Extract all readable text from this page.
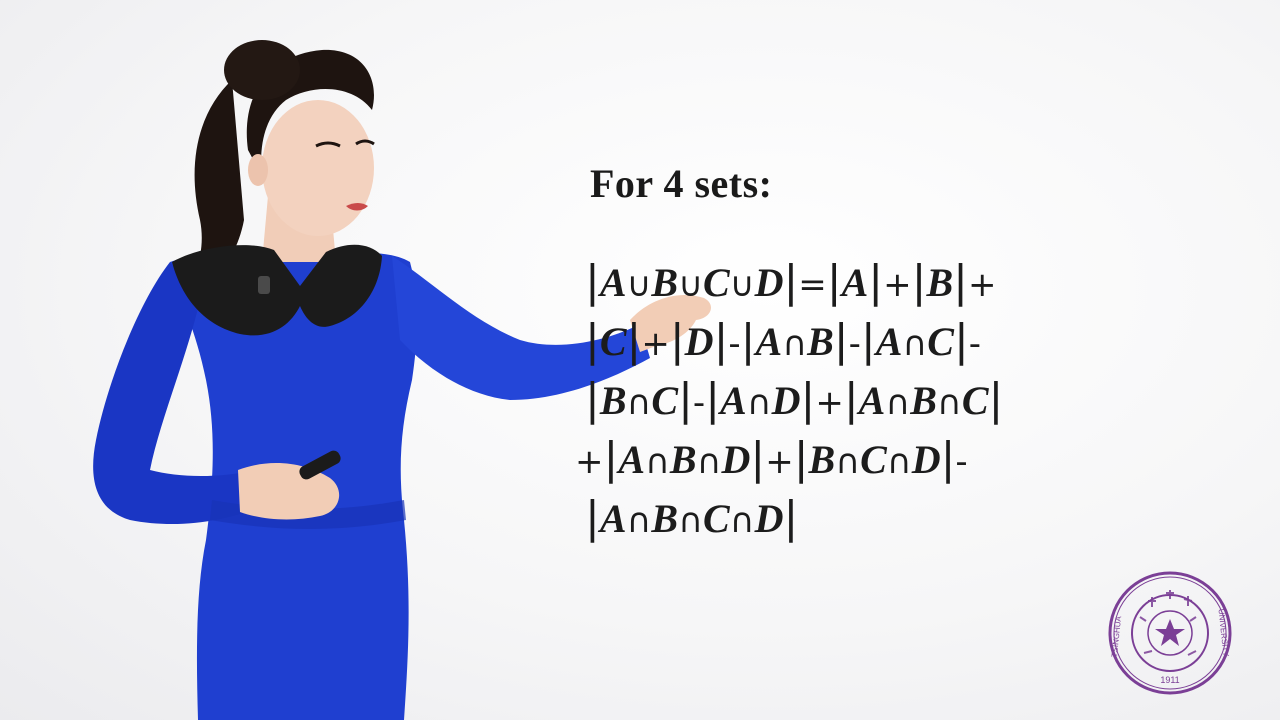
For 4 sets:
|A∪B∪C∪D|=|A|+|B|+
|C|+|D|-|A∩B|-|A∩C|-
|B∩C|-|A∩D|+|A∩B∩C|
+|A∩B∩D|+|B∩C∩D|-
|A∩B∩C∩D|
TSINGHUA	UNIVERSITY
1911
